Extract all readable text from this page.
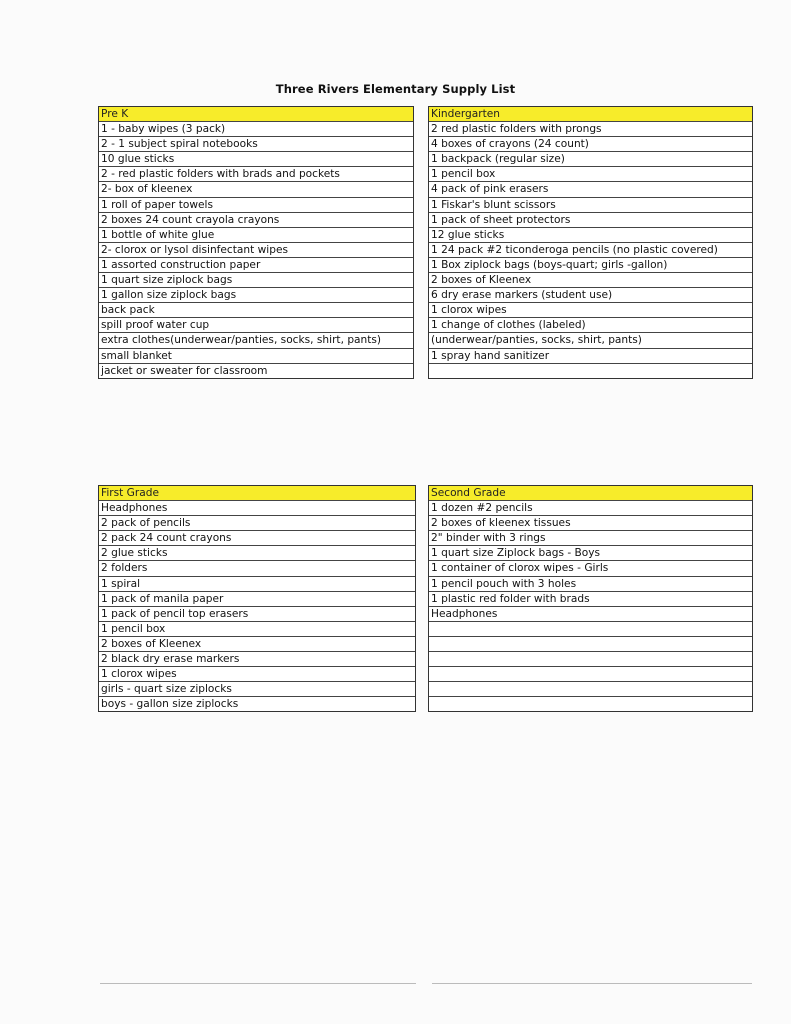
Three Rivers Elementary Supply List
Pre K
1 - baby wipes (3 pack)
2 - 1 subject spiral notebooks
10 glue sticks
2 - red plastic folders with brads and pockets
2- box of kleenex
1 roll of paper towels
2 boxes 24 count crayola crayons
1 bottle of white glue
2- clorox or lysol disinfectant wipes
1 assorted construction paper
1 quart size ziplock bags
1 gallon size ziplock bags
back pack
spill proof water cup
extra clothes(underwear/panties, socks, shirt, pants)
small blanket
jacket or sweater for classroom
Kindergarten
2 red plastic folders with prongs
4 boxes of crayons (24 count)
1 backpack (regular size)
1 pencil box
4 pack of pink erasers
1 Fiskar's blunt scissors
1 pack of sheet protectors
12 glue sticks
1 24 pack #2 ticonderoga pencils (no plastic covered)
1 Box ziplock bags (boys-quart; girls -gallon)
2 boxes of Kleenex
6 dry erase markers (student use)
1 clorox wipes
1 change of clothes (labeled)
(underwear/panties, socks, shirt, pants)
1 spray hand sanitizer
First Grade
Headphones
2 pack of pencils
2 pack 24 count crayons
2 glue sticks
2 folders
1 spiral
1 pack of manila paper
1 pack of pencil top erasers
1 pencil box
2 boxes of Kleenex
2 black dry erase markers
1 clorox wipes
girls - quart size ziplocks
boys - gallon size ziplocks
Second Grade
1 dozen #2 pencils
2 boxes of kleenex tissues
2" binder with 3 rings
1 quart size Ziplock bags - Boys
1 container of clorox wipes - Girls
1 pencil pouch with 3 holes
1 plastic red folder with brads
Headphones
